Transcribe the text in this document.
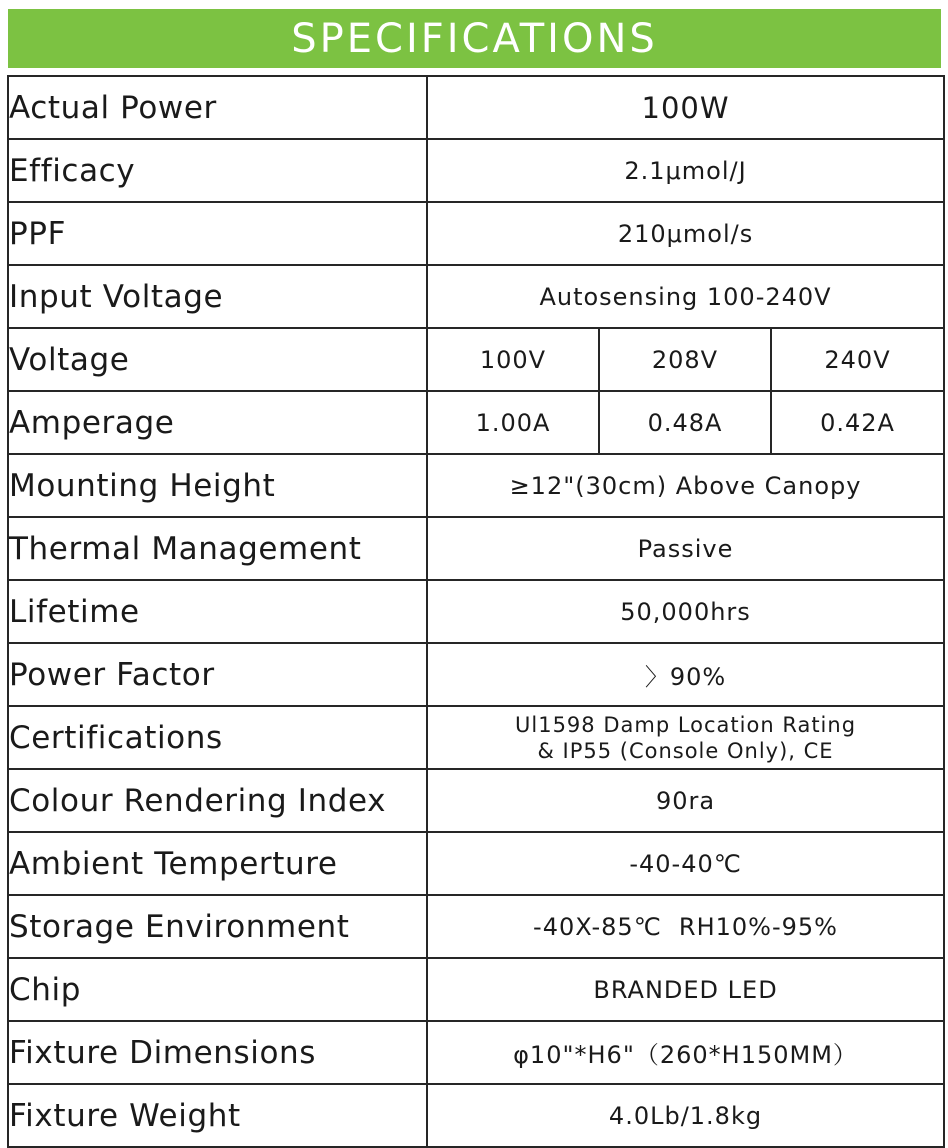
SPECIFICATIONS
Actual Power	100W		
Efficacy	2.1μmol/J		
PPF	210μmol/s		
Input Voltage	Autosensing 100-240V		
Voltage	100V	208V	240V
Amperage	1.00A	0.48A	0.42A
Mounting Height	≥12"(30cm) Above Canopy		
Thermal Management	Passive		
Lifetime	50,000hrs		
Power Factor	〉90%		
Certifications	Ul1598 Damp Location Rating
& IP55 (Console Only), CE		

Colour Rendering Index	90ra		
Ambient Temperture	-40-40℃		
Storage Environment	-40X-85℃  RH10%-95%		
Chip	BRANDED LED		
Fixture Dimensions	φ10"*H6"（260*H150MM）		
Fixture Weight	4.0Lb/1.8kg		
